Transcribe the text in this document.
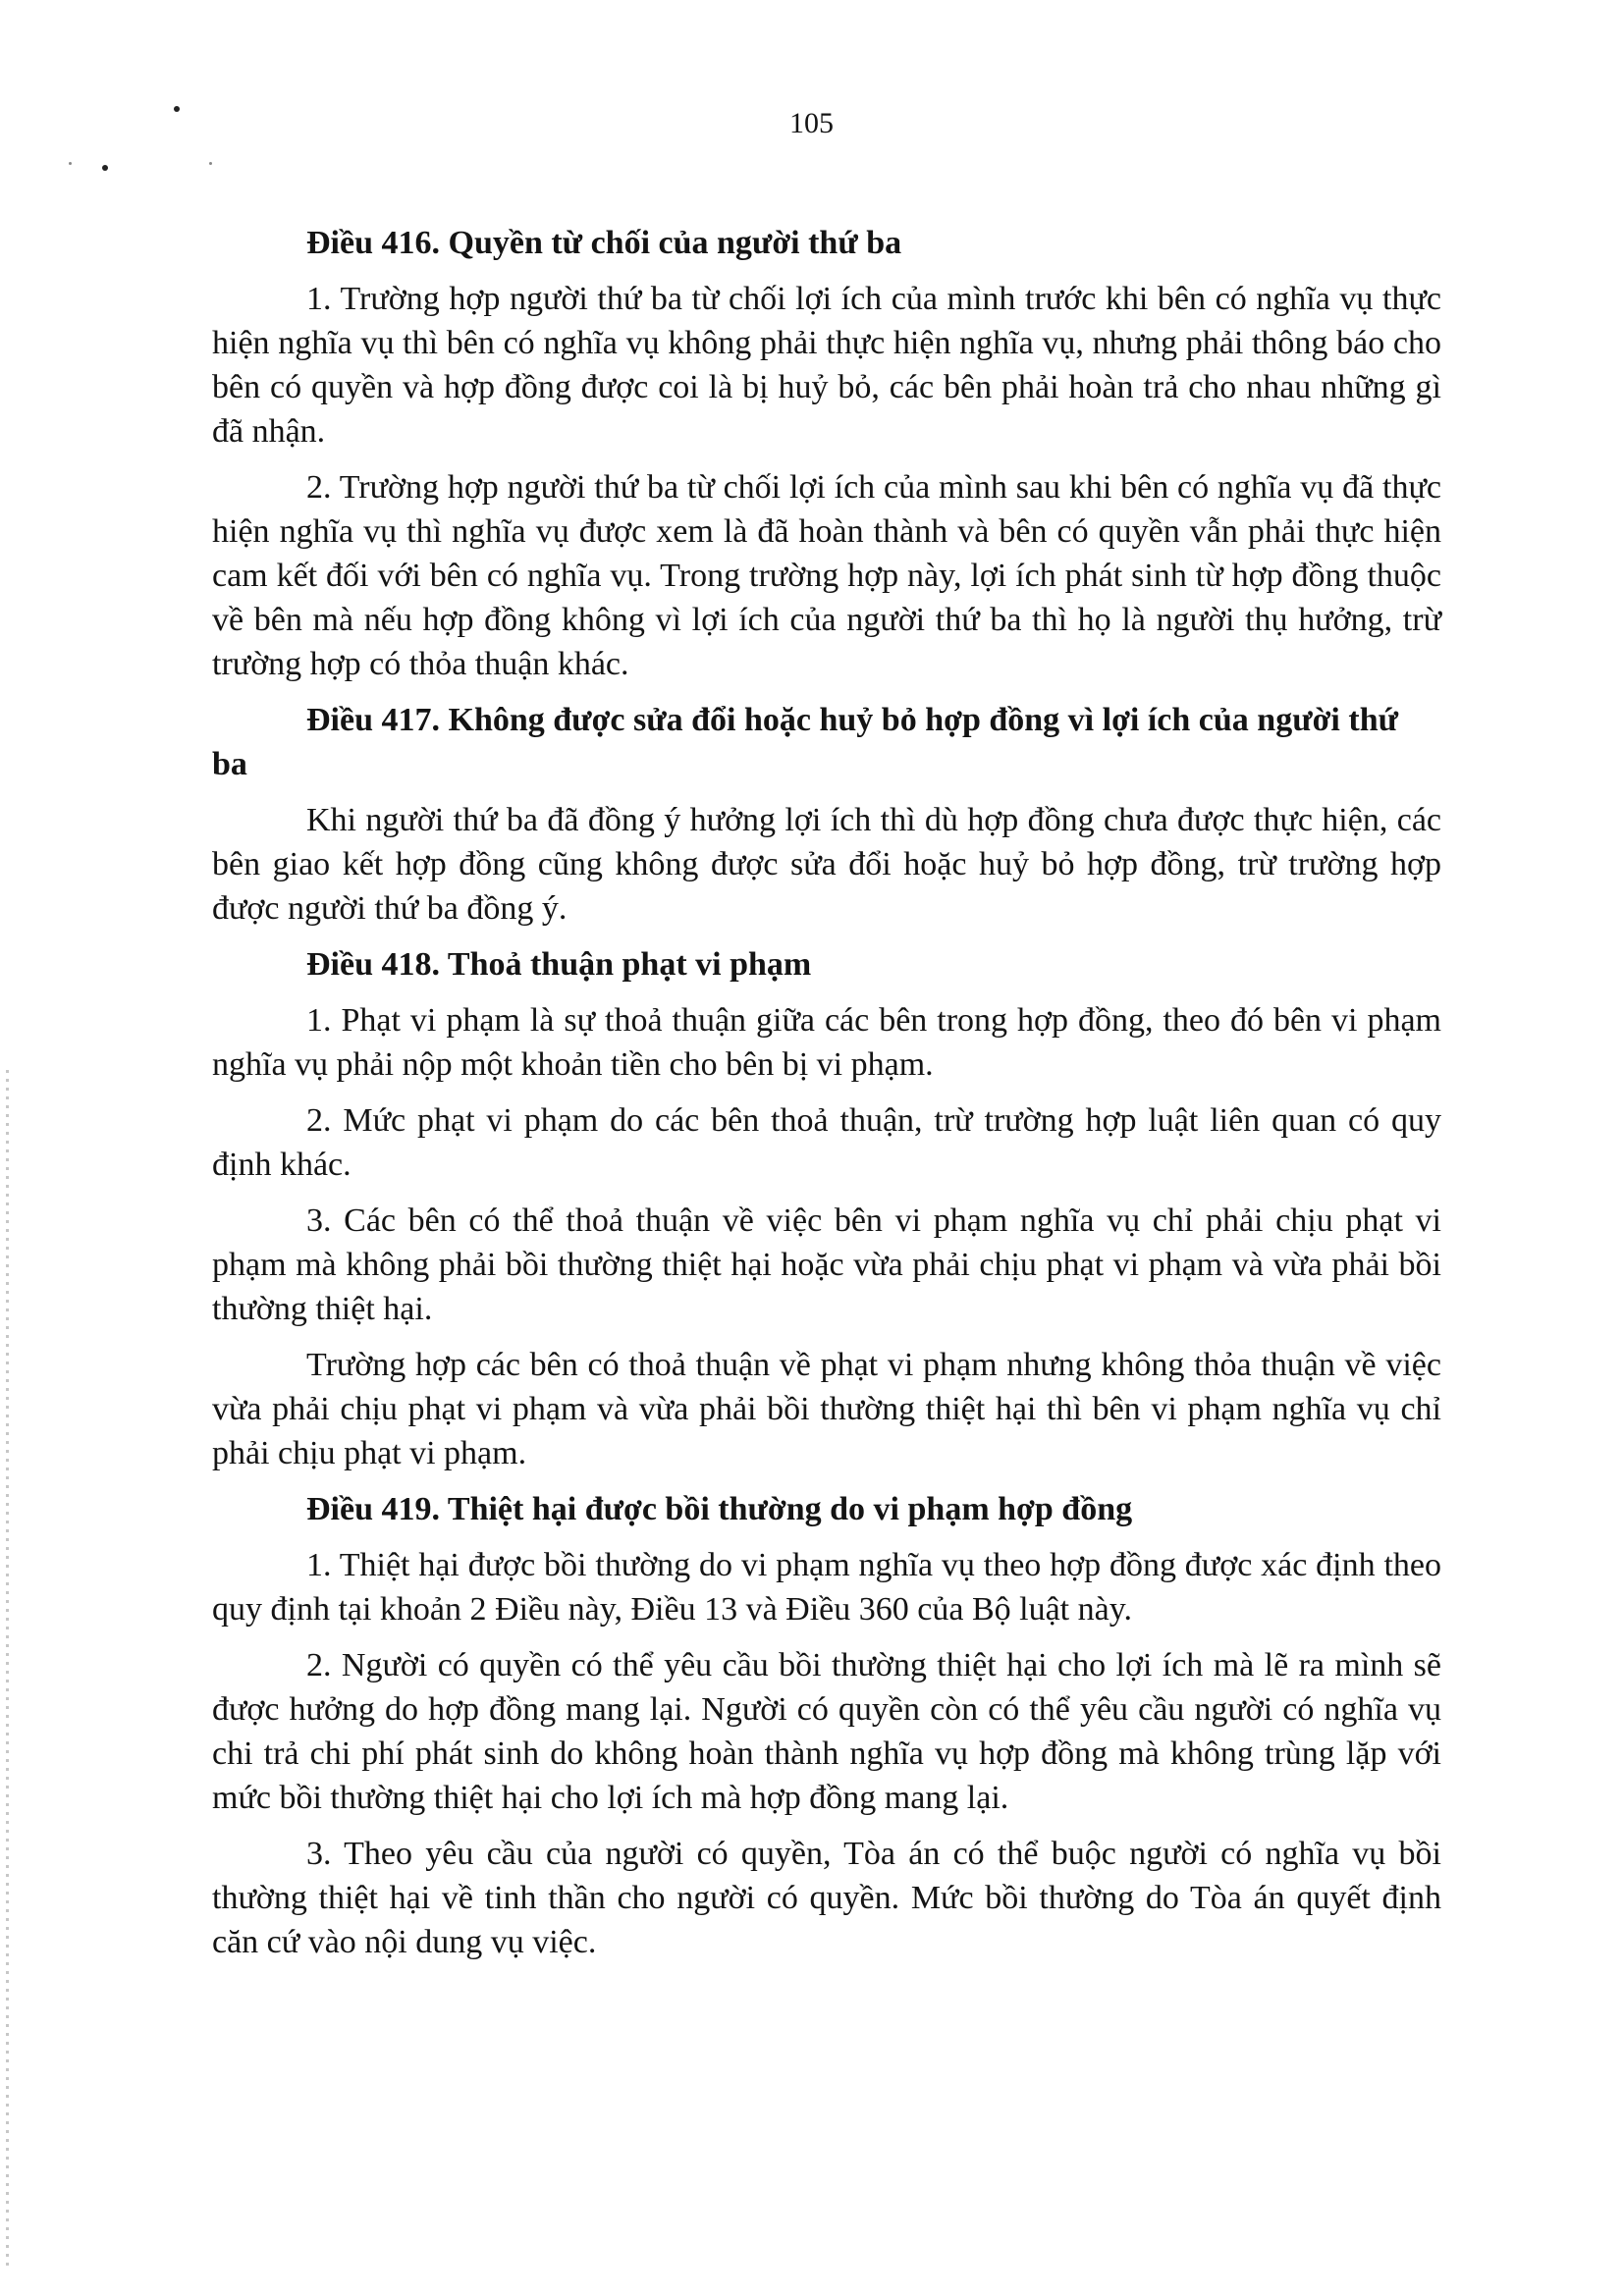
105
Điều 416. Quyền từ chối của người thứ ba

1. Trường hợp người thứ ba từ chối lợi ích của mình trước khi bên có nghĩa vụ thực hiện nghĩa vụ thì bên có nghĩa vụ không phải thực hiện nghĩa vụ, nhưng phải thông báo cho bên có quyền và hợp đồng được coi là bị huỷ bỏ, các bên phải hoàn trả cho nhau những gì đã nhận.

2. Trường hợp người thứ ba từ chối lợi ích của mình sau khi bên có nghĩa vụ đã thực hiện nghĩa vụ thì nghĩa vụ được xem là đã hoàn thành và bên có quyền vẫn phải thực hiện cam kết đối với bên có nghĩa vụ. Trong trường hợp này, lợi ích phát sinh từ hợp đồng thuộc về bên mà nếu hợp đồng không vì lợi ích của người thứ ba thì họ là người thụ hưởng, trừ trường hợp có thỏa thuận khác.

Điều 417. Không được sửa đổi hoặc huỷ bỏ hợp đồng vì lợi ích của người thứ ba

Khi người thứ ba đã đồng ý hưởng lợi ích thì dù hợp đồng chưa được thực hiện, các bên giao kết hợp đồng cũng không được sửa đổi hoặc huỷ bỏ hợp đồng, trừ trường hợp được người thứ ba đồng ý.

Điều 418. Thoả thuận phạt vi phạm

1. Phạt vi phạm là sự thoả thuận giữa các bên trong hợp đồng, theo đó bên vi phạm nghĩa vụ phải nộp một khoản tiền cho bên bị vi phạm.

2. Mức phạt vi phạm do các bên thoả thuận, trừ trường hợp luật liên quan có quy định khác.

3. Các bên có thể thoả thuận về việc bên vi phạm nghĩa vụ chỉ phải chịu phạt vi phạm mà không phải bồi thường thiệt hại hoặc vừa phải chịu phạt vi phạm và vừa phải bồi thường thiệt hại.

Trường hợp các bên có thoả thuận về phạt vi phạm nhưng không thỏa thuận về việc vừa phải chịu phạt vi phạm và vừa phải bồi thường thiệt hại thì bên vi phạm nghĩa vụ chỉ phải chịu phạt vi phạm.

Điều 419. Thiệt hại được bồi thường do vi phạm hợp đồng

1. Thiệt hại được bồi thường do vi phạm nghĩa vụ theo hợp đồng được xác định theo quy định tại khoản 2 Điều này, Điều 13 và Điều 360 của Bộ luật này.

2. Người có quyền có thể yêu cầu bồi thường thiệt hại cho lợi ích mà lẽ ra mình sẽ được hưởng do hợp đồng mang lại. Người có quyền còn có thể yêu cầu người có nghĩa vụ chi trả chi phí phát sinh do không hoàn thành nghĩa vụ hợp đồng mà không trùng lặp với mức bồi thường thiệt hại cho lợi ích mà hợp đồng mang lại.

3. Theo yêu cầu của người có quyền, Tòa án có thể buộc người có nghĩa vụ bồi thường thiệt hại về tinh thần cho người có quyền. Mức bồi thường do Tòa án quyết định căn cứ vào nội dung vụ việc.
